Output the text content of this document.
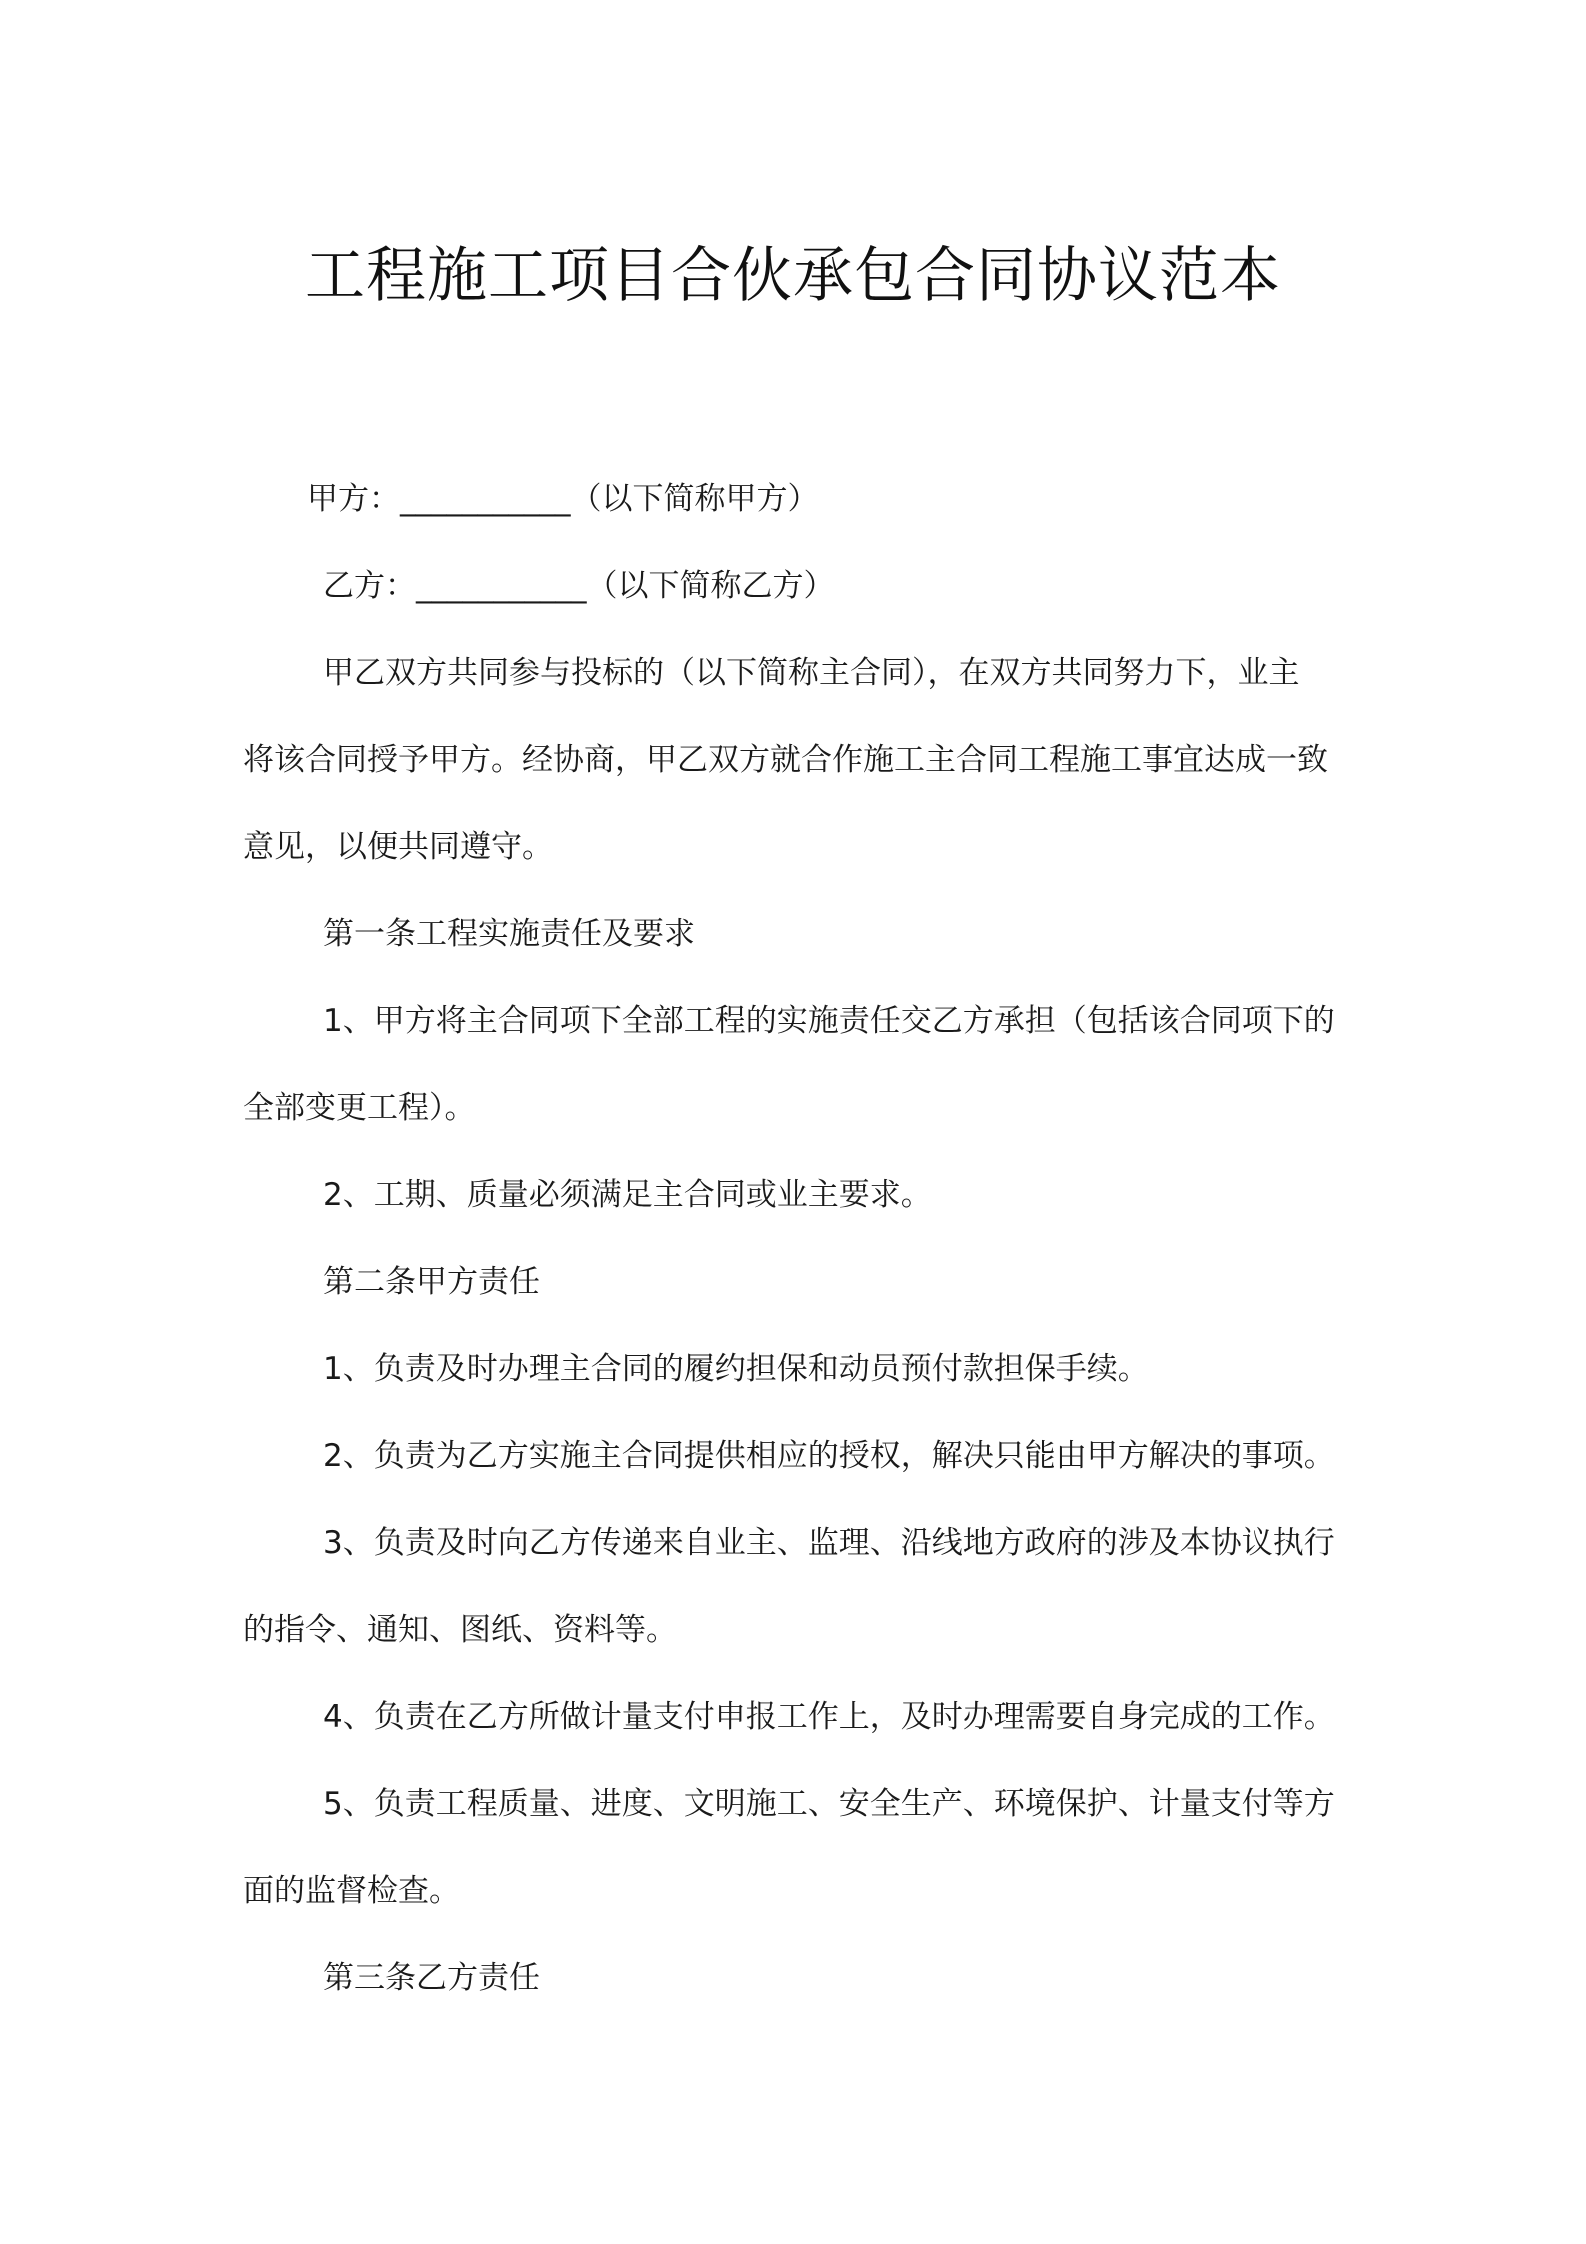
工程施工项目合伙承包合同协议范本

甲方：___________（以下简称甲方）

乙方：___________（以下简称乙方）

甲乙双方共同参与投标的（以下简称主合同），在双方共同努力下，业主

将该合同授予甲方。经协商，甲乙双方就合作施工主合同工程施工事宜达成一致

意见，以便共同遵守。

第一条工程实施责任及要求

1、甲方将主合同项下全部工程的实施责任交乙方承担（包括该合同项下的

全部变更工程）。

2、工期、质量必须满足主合同或业主要求。

第二条甲方责任

1、负责及时办理主合同的履约担保和动员预付款担保手续。

2、负责为乙方实施主合同提供相应的授权，解决只能由甲方解决的事项。

3、负责及时向乙方传递来自业主、监理、沿线地方政府的涉及本协议执行

的指令、通知、图纸、资料等。

4、负责在乙方所做计量支付申报工作上，及时办理需要自身完成的工作。

5、负责工程质量、进度、文明施工、安全生产、环境保护、计量支付等方

面的监督检查。

第三条乙方责任
